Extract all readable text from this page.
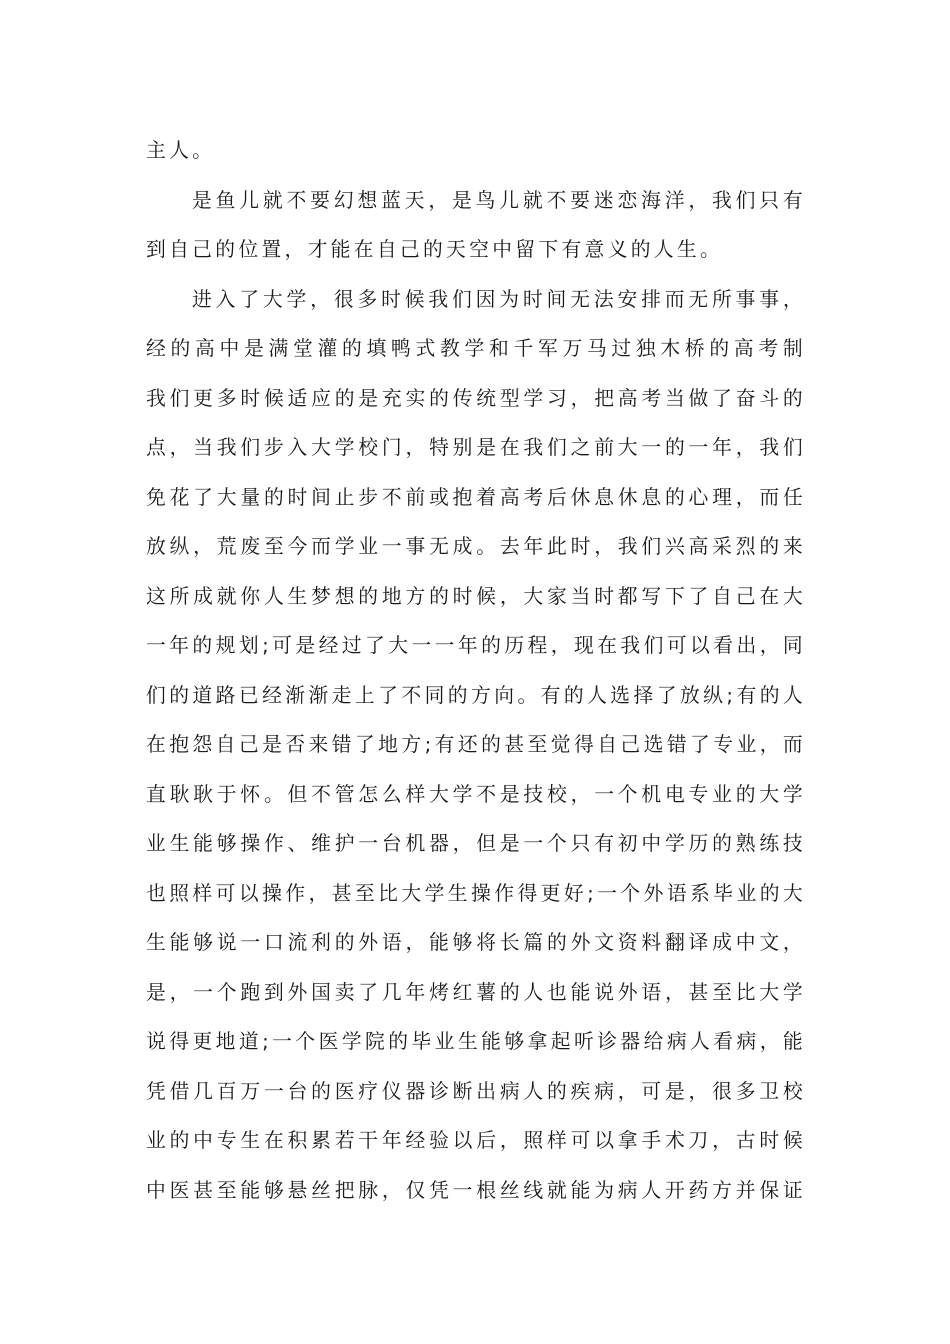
主人。
是鱼儿就不要幻想蓝天，是鸟儿就不要迷恋海洋，我们只有
到自己的位置，才能在自己的天空中留下有意义的人生。
进入了大学，很多时候我们因为时间无法安排而无所事事，
经的高中是满堂灌的填鸭式教学和千军万马过独木桥的高考制
我们更多时候适应的是充实的传统型学习，把高考当做了奋斗的
点，当我们步入大学校门，特别是在我们之前大一的一年，我们
免花了大量的时间止步不前或抱着高考后休息休息的心理，而任
放纵，荒废至今而学业一事无成。去年此时，我们兴高采烈的来
这所成就你人生梦想的地方的时候，大家当时都写下了自己在大
一年的规划;可是经过了大一一年的历程，现在我们可以看出，同
们的道路已经渐渐走上了不同的方向。有的人选择了放纵;有的人
在抱怨自己是否来错了地方;有还的甚至觉得自己选错了专业，而
直耿耿于怀。但不管怎么样大学不是技校，一个机电专业的大学
业生能够操作、维护一台机器，但是一个只有初中学历的熟练技
也照样可以操作，甚至比大学生操作得更好;一个外语系毕业的大
生能够说一口流利的外语，能够将长篇的外文资料翻译成中文，
是，一个跑到外国卖了几年烤红薯的人也能说外语，甚至比大学
说得更地道;一个医学院的毕业生能够拿起听诊器给病人看病，能
凭借几百万一台的医疗仪器诊断出病人的疾病，可是，很多卫校
业的中专生在积累若干年经验以后，照样可以拿手术刀，古时候
中医甚至能够悬丝把脉，仅凭一根丝线就能为病人开药方并保证
